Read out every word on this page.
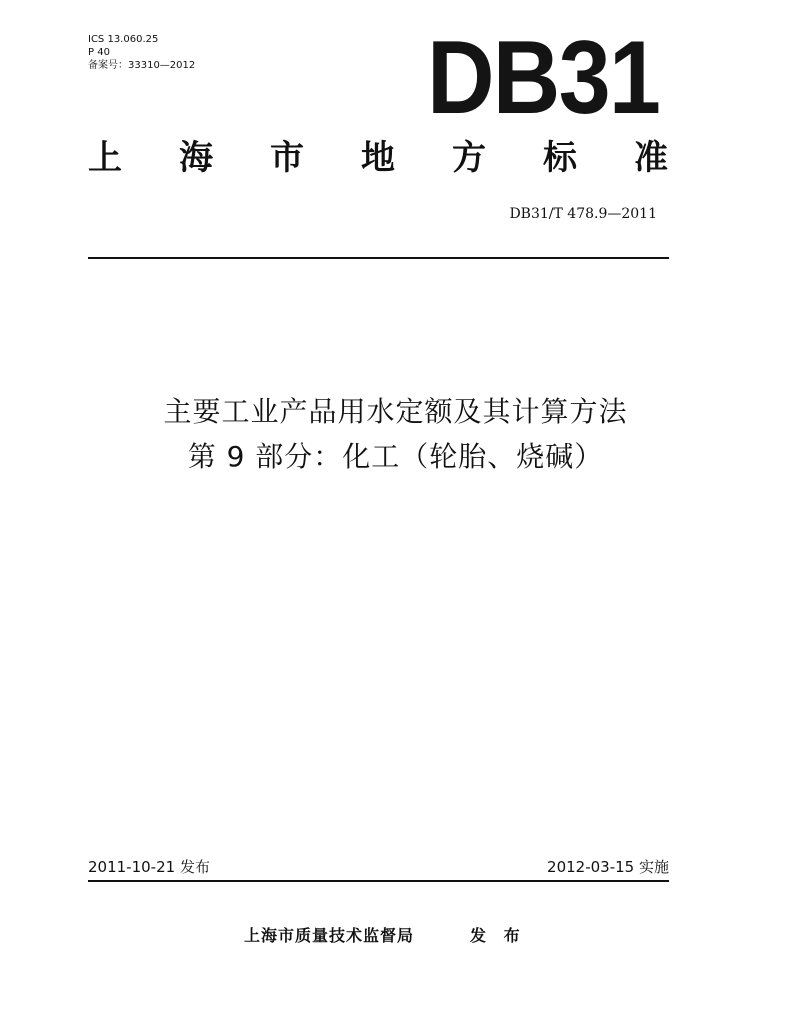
ICS 13.060.25
P 40
备案号：33310—2012 DB31
上 海 市 地 方 标 准
DB31/T 478.9—2011
主要工业产品用水定额及其计算方法
第 9 部分：化工（轮胎、烧碱）
2011-10-21 发布	2012-03-15 实施
上海市质量技术监督局	发 布
